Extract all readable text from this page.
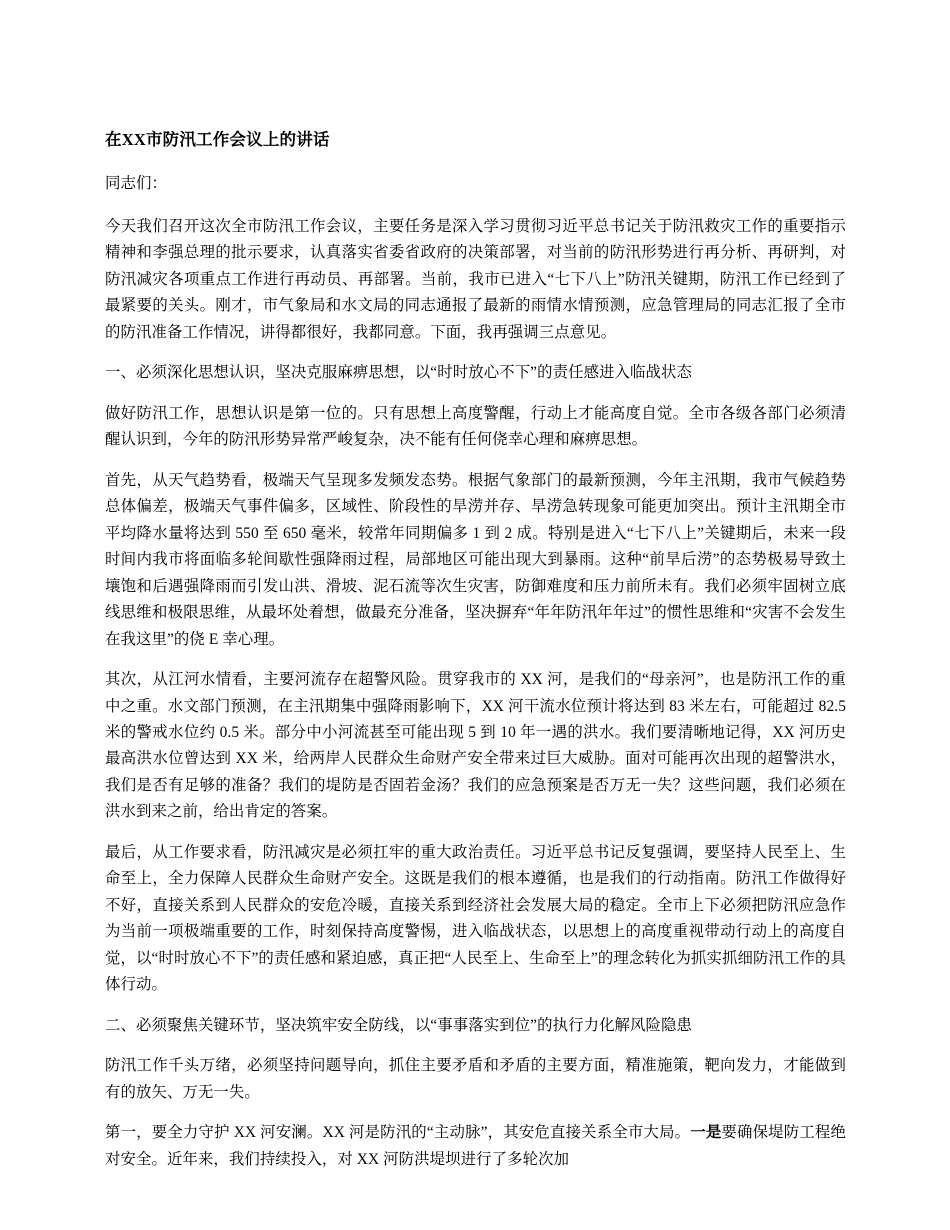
在XX市防汛工作会议上的讲话

同志们：

今天我们召开这次全市防汛工作会议，主要任务是深入学习贯彻习近平总书记关于防汛救灾工作的重要指示精神和李强总理的批示要求，认真落实省委省政府的决策部署，对当前的防汛形势进行再分析、再研判，对防汛减灾各项重点工作进行再动员、再部署。当前，我市已进入“七下八上”防汛关键期，防汛工作已经到了最紧要的关头。刚才，市气象局和水文局的同志通报了最新的雨情水情预测，应急管理局的同志汇报了全市的防汛准备工作情况，讲得都很好，我都同意。下面，我再强调三点意见。

一、必须深化思想认识，坚决克服麻痹思想，以“时时放心不下”的责任感进入临战状态

做好防汛工作，思想认识是第一位的。只有思想上高度警醒，行动上才能高度自觉。全市各级各部门必须清醒认识到，今年的防汛形势异常严峻复杂，决不能有任何侥幸心理和麻痹思想。

首先，从天气趋势看，极端天气呈现多发频发态势。根据气象部门的最新预测，今年主汛期，我市气候趋势总体偏差，极端天气事件偏多，区域性、阶段性的旱涝并存、旱涝急转现象可能更加突出。预计主汛期全市平均降水量将达到 550 至 650 毫米，较常年同期偏多 1 到 2 成。特别是进入“七下八上”关键期后，未来一段时间内我市将面临多轮间歇性强降雨过程，局部地区可能出现大到暴雨。这种“前旱后涝”的态势极易导致土壤饱和后遇强降雨而引发山洪、滑坡、泥石流等次生灾害，防御难度和压力前所未有。我们必须牢固树立底线思维和极限思维，从最坏处着想，做最充分准备，坚决摒弃“年年防汛年年过”的惯性思维和“灾害不会发生在我这里”的侥 E 幸心理。

其次，从江河水情看，主要河流存在超警风险。贯穿我市的 XX 河，是我们的“母亲河”，也是防汛工作的重中之重。水文部门预测，在主汛期集中强降雨影响下，XX 河干流水位预计将达到 83 米左右，可能超过 82.5 米的警戒水位约 0.5 米。部分中小河流甚至可能出现 5 到 10 年一遇的洪水。我们要清晰地记得，XX 河历史最高洪水位曾达到 XX 米，给两岸人民群众生命财产安全带来过巨大威胁。面对可能再次出现的超警洪水，我们是否有足够的准备？我们的堤防是否固若金汤？我们的应急预案是否万无一失？这些问题，我们必须在洪水到来之前，给出肯定的答案。

最后，从工作要求看，防汛减灾是必须扛牢的重大政治责任。习近平总书记反复强调，要坚持人民至上、生命至上，全力保障人民群众生命财产安全。这既是我们的根本遵循，也是我们的行动指南。防汛工作做得好不好，直接关系到人民群众的安危冷暖，直接关系到经济社会发展大局的稳定。全市上下必须把防汛应急作为当前一项极端重要的工作，时刻保持高度警惕，进入临战状态，以思想上的高度重视带动行动上的高度自觉，以“时时放心不下”的责任感和紧迫感，真正把“人民至上、生命至上”的理念转化为抓实抓细防汛工作的具体行动。

二、必须聚焦关键环节，坚决筑牢安全防线，以“事事落实到位”的执行力化解风险隐患

防汛工作千头万绪，必须坚持问题导向，抓住主要矛盾和矛盾的主要方面，精准施策，靶向发力，才能做到有的放矢、万无一失。

第一，要全力守护 XX 河安澜。XX 河是防汛的“主动脉”，其安危直接关系全市大局。一是要确保堤防工程绝对安全。近年来，我们持续投入，对 XX 河防洪堤坝进行了多轮次加
